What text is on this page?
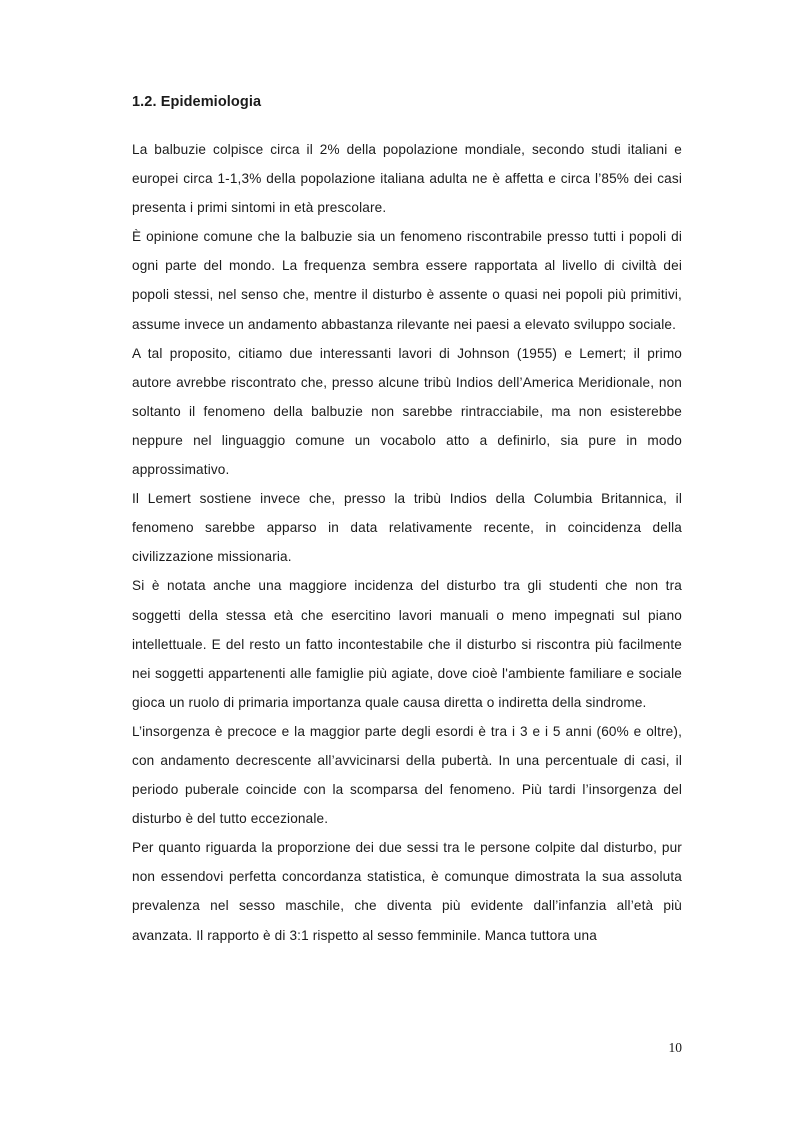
1.2. Epidemiologia

La balbuzie colpisce circa il 2% della popolazione mondiale, secondo studi italiani e europei circa 1-1,3% della popolazione italiana adulta ne è affetta e circa l’85% dei casi presenta i primi sintomi in età prescolare.

È opinione comune che la balbuzie sia un fenomeno riscontrabile presso tutti i popoli di ogni parte del mondo. La frequenza sembra essere rapportata al livello di civiltà dei popoli stessi, nel senso che, mentre il disturbo è assente o quasi nei popoli più primitivi, assume invece un andamento abbastanza rilevante nei paesi a elevato sviluppo sociale.

A tal proposito, citiamo due interessanti lavori di Johnson (1955) e Lemert; il primo autore avrebbe riscontrato che, presso alcune tribù Indios dell’America Meridionale, non soltanto il fenomeno della balbuzie non sarebbe rintracciabile, ma non esisterebbe neppure nel linguaggio comune un vocabolo atto a definirlo, sia pure in modo approssimativo.

Il Lemert sostiene invece che, presso la tribù Indios della Columbia Britannica, il fenomeno sarebbe apparso in data relativamente recente, in coincidenza della civilizzazione missionaria.

Si è notata anche una maggiore incidenza del disturbo tra gli studenti che non tra soggetti della stessa età che esercitino lavori manuali o meno impegnati sul piano intellettuale. E del resto un fatto incontestabile che il disturbo si riscontra più facilmente nei soggetti appartenenti alle famiglie più agiate, dove cioè l'ambiente familiare e sociale gioca un ruolo di primaria importanza quale causa diretta o indiretta della sindrome.

L’insorgenza è precoce e la maggior parte degli esordi è tra i 3 e i 5 anni (60% e oltre), con andamento decrescente all’avvicinarsi della pubertà. In una percentuale di casi, il periodo puberale coincide con la scomparsa del fenomeno. Più tardi l’insorgenza del disturbo è del tutto eccezionale.

Per quanto riguarda la proporzione dei due sessi tra le persone colpite dal disturbo, pur non essendovi perfetta concordanza statistica, è comunque dimostrata la sua assoluta prevalenza nel sesso maschile, che diventa più evidente dall’infanzia all’età più avanzata. Il rapporto è di 3:1 rispetto al sesso femminile. Manca tuttora una

10
